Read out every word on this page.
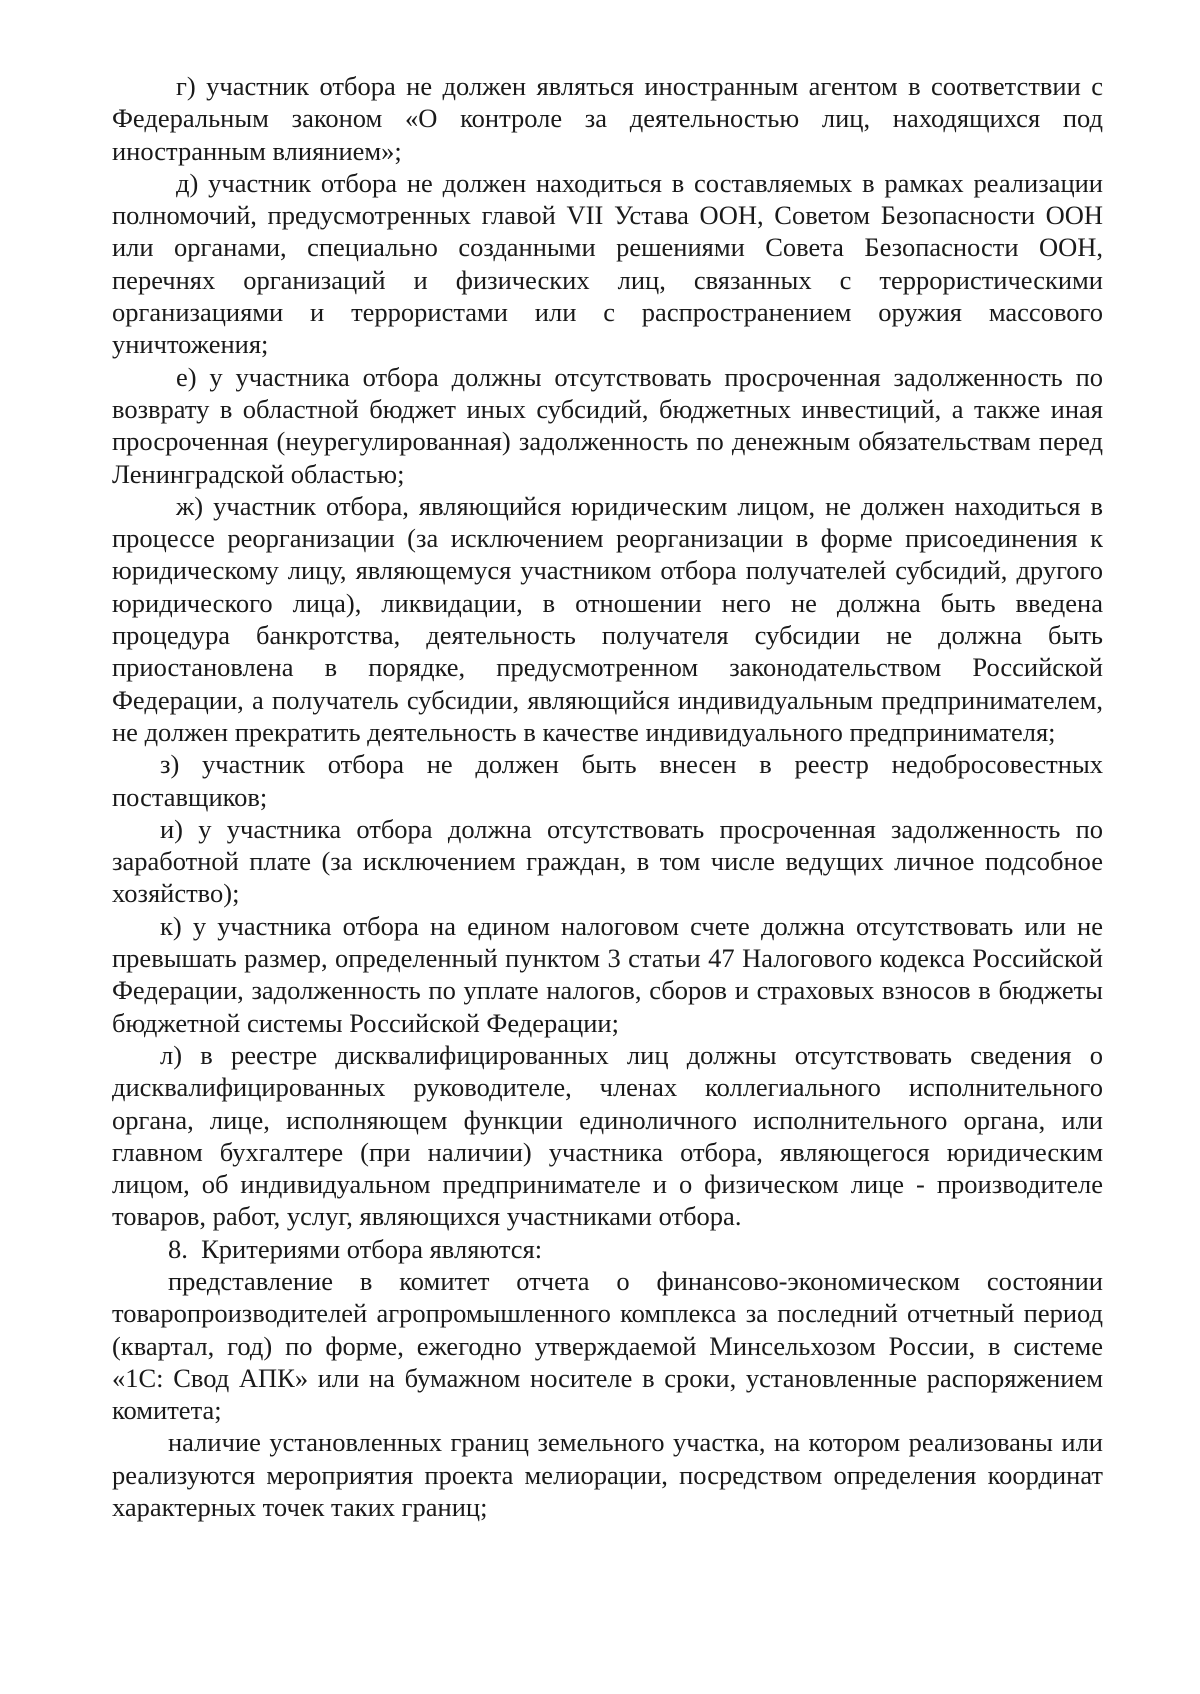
г) участник отбора не должен являться иностранным агентом в соответствии с Федеральным законом «О контроле за деятельностью лиц, находящихся под иностранным влиянием»;

д) участник отбора не должен находиться в составляемых в рамках реализации полномочий, предусмотренных главой VII Устава ООН, Советом Безопасности ООН или органами, специально созданными решениями Совета Безопасности ООН, перечнях организаций и физических лиц, связанных с террористическими организациями и террористами или с распространением оружия массового уничтожения;

е) у участника отбора должны отсутствовать просроченная задолженность по возврату в областной бюджет иных субсидий, бюджетных инвестиций, а также иная просроченная (неурегулированная) задолженность по денежным обязательствам перед Ленинградской областью;

ж) участник отбора, являющийся юридическим лицом, не должен находиться в процессе реорганизации (за исключением реорганизации в форме присоединения к юридическому лицу, являющемуся участником отбора получателей субсидий, другого юридического лица), ликвидации, в отношении него не должна быть введена процедура банкротства, деятельность получателя субсидии не должна быть приостановлена в порядке, предусмотренном законодательством Российской Федерации, а получатель субсидии, являющийся индивидуальным предпринимателем, не должен прекратить деятельность в качестве индивидуального предпринимателя;

з) участник отбора не должен быть внесен в реестр недобросовестных поставщиков;

и) у участника отбора должна отсутствовать просроченная задолженность по заработной плате (за исключением граждан, в том числе ведущих личное подсобное хозяйство);

к) у участника отбора на едином налоговом счете должна отсутствовать или не превышать размер, определенный пунктом 3 статьи 47 Налогового кодекса Российской Федерации, задолженность по уплате налогов, сборов и страховых взносов в бюджеты бюджетной системы Российской Федерации;

л) в реестре дисквалифицированных лиц должны отсутствовать сведения о дисквалифицированных руководителе, членах коллегиального исполнительного органа, лице, исполняющем функции единоличного исполнительного органа, или главном бухгалтере (при наличии) участника отбора, являющегося юридическим лицом, об индивидуальном предпринимателе и о физическом лице - производителе товаров, работ, услуг, являющихся участниками отбора.

8.  Критериями отбора являются:

представление в комитет отчета о финансово-экономическом состоянии товаропроизводителей агропромышленного комплекса за последний отчетный период (квартал, год) по форме, ежегодно утверждаемой Минсельхозом России, в системе «1С: Свод АПК» или на бумажном носителе в сроки, установленные распоряжением комитета;

наличие установленных границ земельного участка, на котором реализованы или реализуются мероприятия проекта мелиорации, посредством определения координат характерных точек таких границ;
